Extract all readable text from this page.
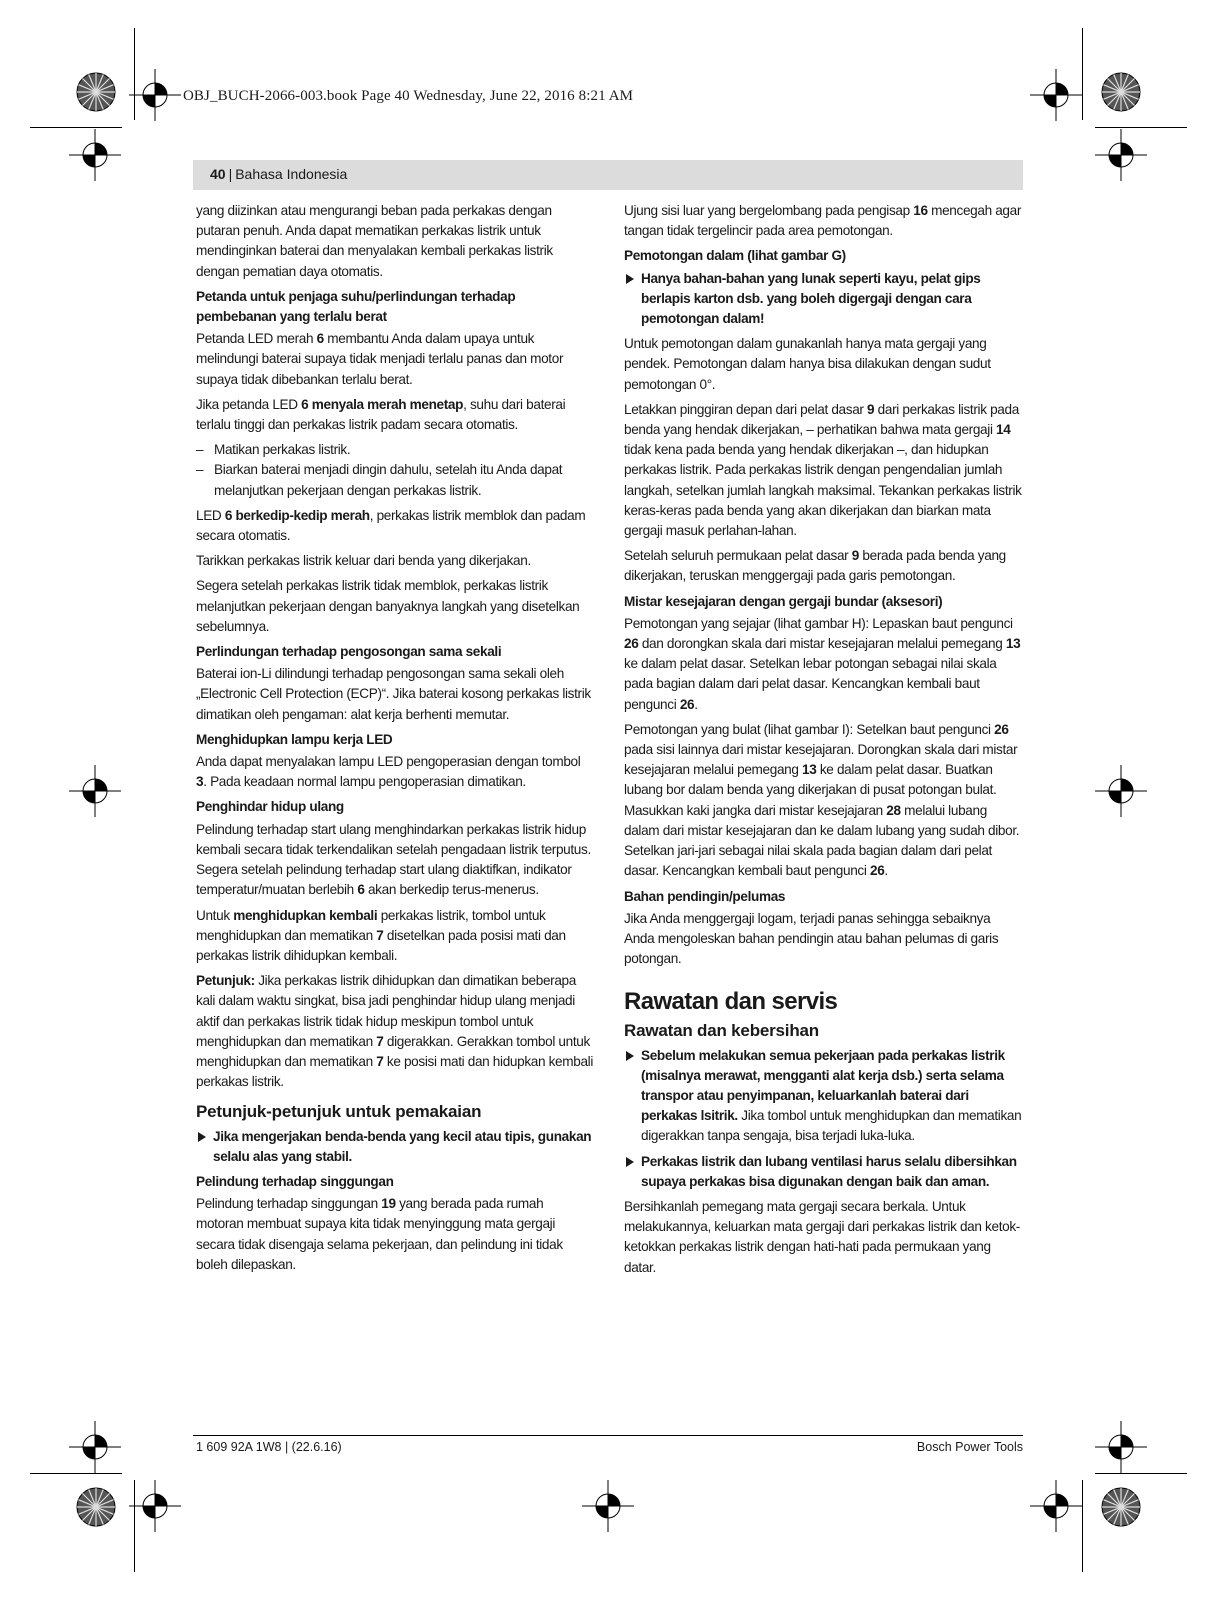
OBJ_BUCH-2066-003.book Page 40 Wednesday, June 22, 2016 8:21 AM
40 | Bahasa Indonesia

yang diizinkan atau mengurangi beban pada perkakas dengan putaran penuh. Anda dapat mematikan perkakas listrik untuk mendinginkan baterai dan menyalakan kembali perkakas listrik dengan pematian daya otomatis.

Petanda untuk penjaga suhu/perlindungan terhadap pembebanan yang terlalu berat

Petanda LED merah 6 membantu Anda dalam upaya untuk melindungi baterai supaya tidak menjadi terlalu panas dan motor supaya tidak dibebankan terlalu berat.

Jika petanda LED 6 menyala merah menetap, suhu dari baterai terlalu tinggi dan perkakas listrik padam secara otomatis.

– Matikan perkakas listrik.
– Biarkan baterai menjadi dingin dahulu, setelah itu Anda dapat melanjutkan pekerjaan dengan perkakas listrik.

LED 6 berkedip-kedip merah, perkakas listrik memblok dan padam secara otomatis.

Tarikkan perkakas listrik keluar dari benda yang dikerjakan.

Segera setelah perkakas listrik tidak memblok, perkakas listrik melanjutkan pekerjaan dengan banyaknya langkah yang disetelkan sebelumnya.

Perlindungan terhadap pengosongan sama sekali

Baterai ion-Li dilindungi terhadap pengosongan sama sekali oleh „Electronic Cell Protection (ECP)“. Jika baterai kosong perkakas listrik dimatikan oleh pengaman: alat kerja berhenti memutar.

Menghidupkan lampu kerja LED

Anda dapat menyalakan lampu LED pengoperasian dengan tombol 3. Pada keadaan normal lampu pengoperasian dimatikan.

Penghindar hidup ulang

Pelindung terhadap start ulang menghindarkan perkakas listrik hidup kembali secara tidak terkendalikan setelah pengadaan listrik terputus. Segera setelah pelindung terhadap start ulang diaktifkan, indikator temperatur/muatan berlebih 6 akan berkedip terus-menerus.

Untuk menghidupkan kembali perkakas listrik, tombol untuk menghidupkan dan mematikan 7 disetelkan pada posisi mati dan perkakas listrik dihidupkan kembali.

Petunjuk: Jika perkakas listrik dihidupkan dan dimatikan beberapa kali dalam waktu singkat, bisa jadi penghindar hidup ulang menjadi aktif dan perkakas listrik tidak hidup meskipun tombol untuk menghidupkan dan mematikan 7 digerakkan. Gerakkan tombol untuk menghidupkan dan mematikan 7 ke posisi mati dan hidupkan kembali perkakas listrik.

Petunjuk-petunjuk untuk pemakaian
Jika mengerjakan benda-benda yang kecil atau tipis, gunakan selalu alas yang stabil.
Pelindung terhadap singgungan

Pelindung terhadap singgungan 19 yang berada pada rumah motoran membuat supaya kita tidak menyinggung mata gergaji secara tidak disengaja selama pekerjaan, dan pelindung ini tidak boleh dilepaskan.

Ujung sisi luar yang bergelombang pada pengisap 16 mencegah agar tangan tidak tergelincir pada area pemotongan.

Pemotongan dalam (lihat gambar G)
Hanya bahan-bahan yang lunak seperti kayu, pelat gips berlapis karton dsb. yang boleh digergaji dengan cara pemotongan dalam!

Untuk pemotongan dalam gunakanlah hanya mata gergaji yang pendek. Pemotongan dalam hanya bisa dilakukan dengan sudut pemotongan 0°.

Letakkan pinggiran depan dari pelat dasar 9 dari perkakas listrik pada benda yang hendak dikerjakan, – perhatikan bahwa mata gergaji 14 tidak kena pada benda yang hendak dikerjakan –, dan hidupkan perkakas listrik. Pada perkakas listrik dengan pengendalian jumlah langkah, setelkan jumlah langkah maksimal. Tekankan perkakas listrik keras-keras pada benda yang akan dikerjakan dan biarkan mata gergaji masuk perlahan-lahan.

Setelah seluruh permukaan pelat dasar 9 berada pada benda yang dikerjakan, teruskan menggergaji pada garis pemotongan.

Mistar kesejajaran dengan gergaji bundar (aksesori)

Pemotongan yang sejajar (lihat gambar H): Lepaskan baut pengunci 26 dan dorongkan skala dari mistar kesejajaran melalui pemegang 13 ke dalam pelat dasar. Setelkan lebar potongan sebagai nilai skala pada bagian dalam dari pelat dasar. Kencangkan kembali baut pengunci 26.

Pemotongan yang bulat (lihat gambar I): Setelkan baut pengunci 26 pada sisi lainnya dari mistar kesejajaran. Dorongkan skala dari mistar kesejajaran melalui pemegang 13 ke dalam pelat dasar. Buatkan lubang bor dalam benda yang dikerjakan di pusat potongan bulat. Masukkan kaki jangka dari mistar kesejajaran 28 melalui lubang dalam dari mistar kesejajaran dan ke dalam lubang yang sudah dibor. Setelkan jari-jari sebagai nilai skala pada bagian dalam dari pelat dasar. Kencangkan kembali baut pengunci 26.

Bahan pendingin/pelumas

Jika Anda menggergaji logam, terjadi panas sehingga sebaiknya Anda mengoleskan bahan pendingin atau bahan pelumas di garis potongan.

Rawatan dan servis
Rawatan dan kebersihan
Sebelum melakukan semua pekerjaan pada perkakas listrik (misalnya merawat, mengganti alat kerja dsb.) serta selama transpor atau penyimpanan, keluarkanlah baterai dari perkakas lsitrik. Jika tombol untuk menghidupkan dan mematikan digerakkan tanpa sengaja, bisa terjadi luka-luka.
Perkakas listrik dan lubang ventilasi harus selalu dibersihkan supaya perkakas bisa digunakan dengan baik dan aman.

Bersihkanlah pemegang mata gergaji secara berkala. Untuk melakukannya, keluarkan mata gergaji dari perkakas listrik dan ketok-ketokkan perkakas listrik dengan hati-hati pada permukaan yang datar.

1 609 92A 1W8 | (22.6.16)	Bosch Power Tools
